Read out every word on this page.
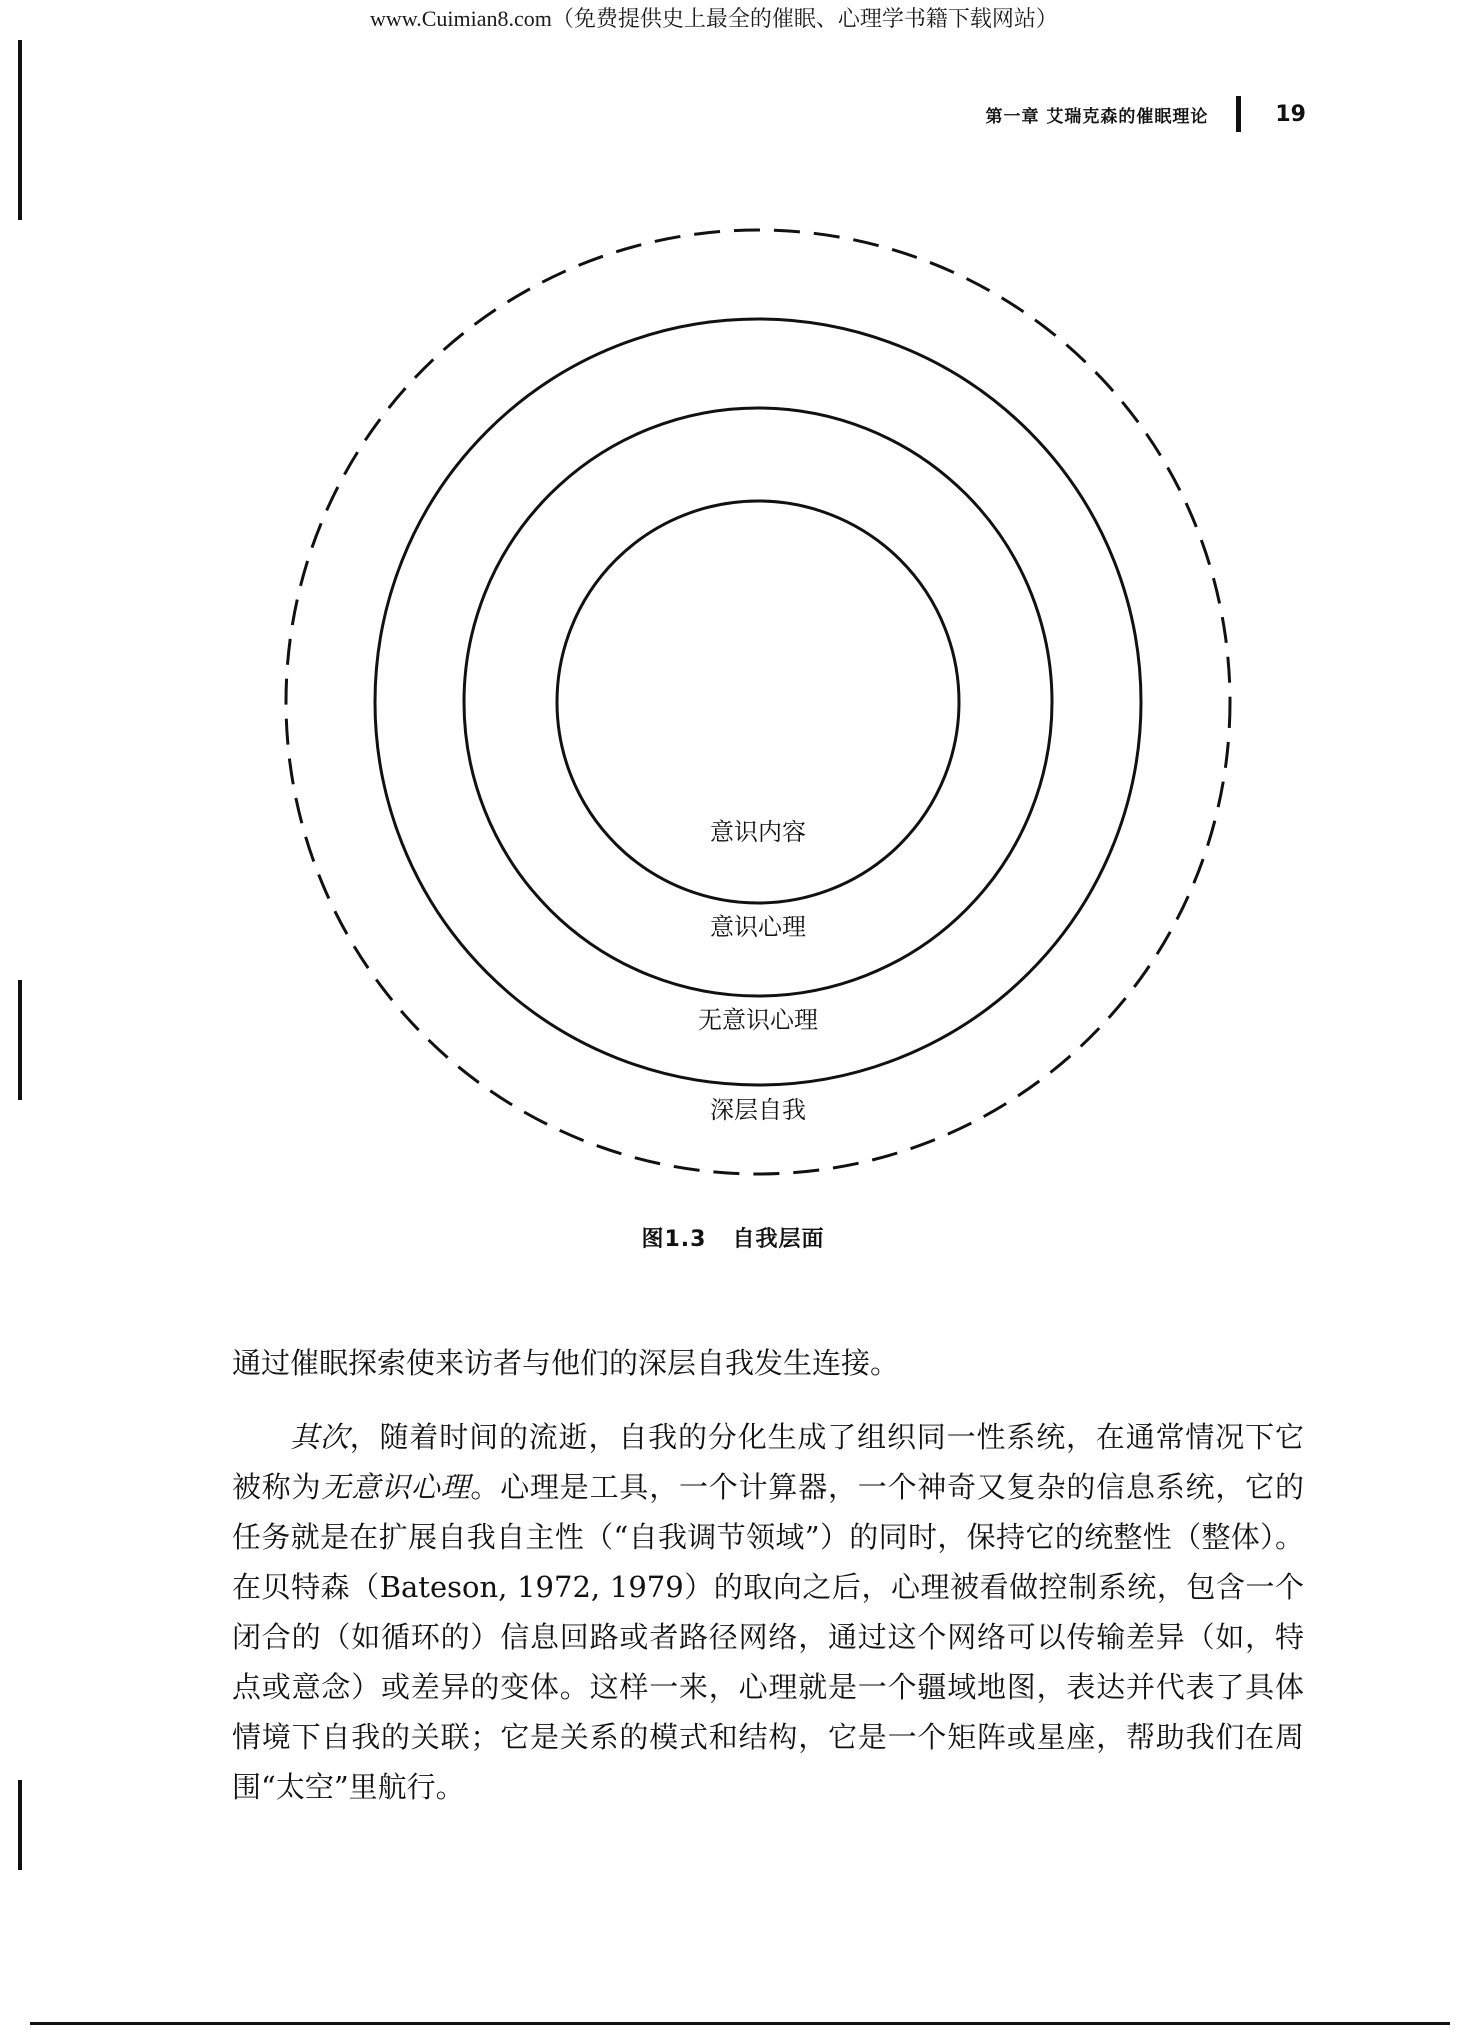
www.Cuimian8.com（免费提供史上最全的催眠、心理学书籍下载网站）
第一章 艾瑞克森的催眠理论	19
意识内容
意识心理
无意识心理
深层自我
图1.3 自我层面

通过催眠探索使来访者与他们的深层自我发生连接。

其次，随着时间的流逝，自我的分化生成了组织同一性系统，在通常情况下它被称为无意识心理。心理是工具，一个计算器，一个神奇又复杂的信息系统，它的任务就是在扩展自我自主性（“自我调节领域”）的同时，保持它的统整性（整体）。在贝特森（Bateson, 1972, 1979）的取向之后，心理被看做控制系统，包含一个闭合的（如循环的）信息回路或者路径网络，通过这个网络可以传输差异（如，特点或意念）或差异的变体。这样一来，心理就是一个疆域地图，表达并代表了具体情境下自我的关联；它是关系的模式和结构，它是一个矩阵或星座，帮助我们在周围“太空”里航行。
